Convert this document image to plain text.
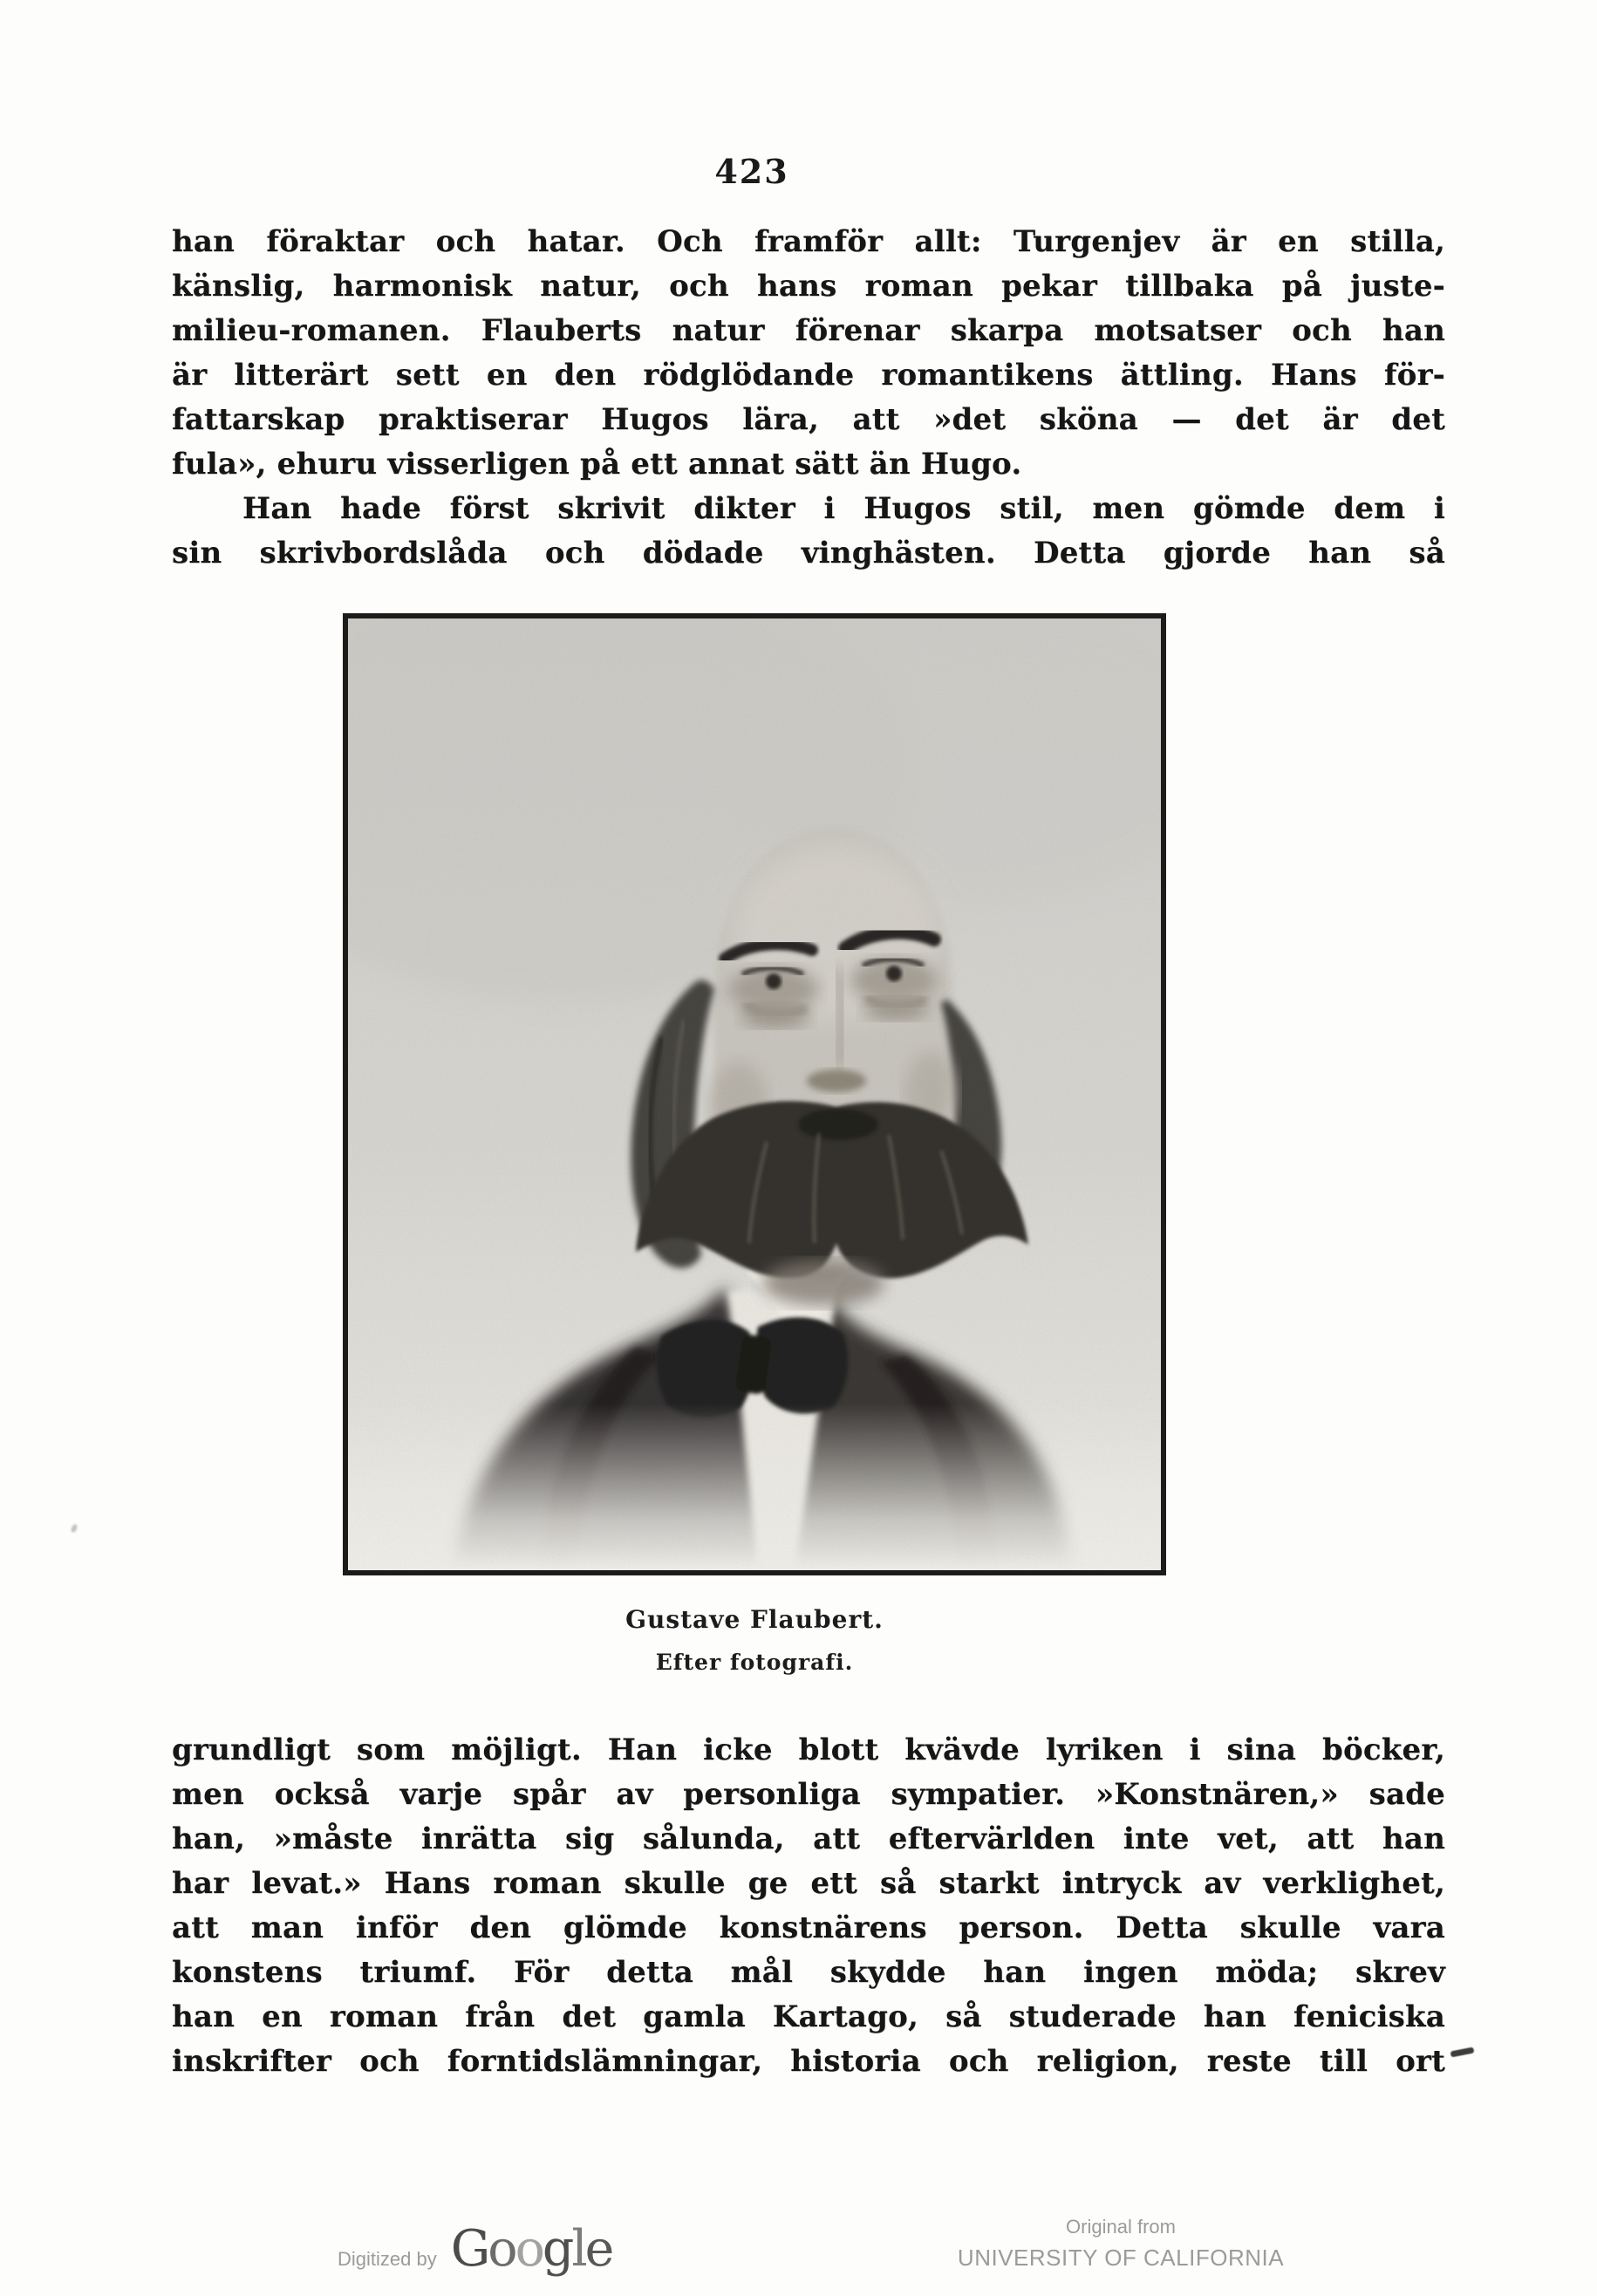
423
han föraktar och hatar. Och framför allt: Turgenjev är en stilla,
känslig, harmonisk natur, och hans roman pekar tillbaka på juste-
milieu-romanen. Flauberts natur förenar skarpa motsatser och han
är litterärt sett en den rödglödande romantikens ättling. Hans för-
fattarskap praktiserar Hugos lära, att »det sköna — det är det
fula», ehuru visserligen på ett annat sätt än Hugo.
Han hade först skrivit dikter i Hugos stil, men gömde dem i
sin skrivbordslåda och dödade vinghästen. Detta gjorde han så
Gustave Flaubert.
Efter fotografi.
grundligt som möjligt. Han icke blott kvävde lyriken i sina böcker,
men också varje spår av personliga sympatier. »Konstnären,» sade
han, »måste inrätta sig sålunda, att eftervärlden inte vet, att han
har levat.» Hans roman skulle ge ett så starkt intryck av verklighet,
att man inför den glömde konstnärens person. Detta skulle vara
konstens triumf. För detta mål skydde han ingen möda; skrev
han en roman från det gamla Kartago, så studerade han feniciska
inskrifter och forntidslämningar, historia och religion, reste till ort
Digitized by Google	Original from
UNIVERSITY OF CALIFORNIA
